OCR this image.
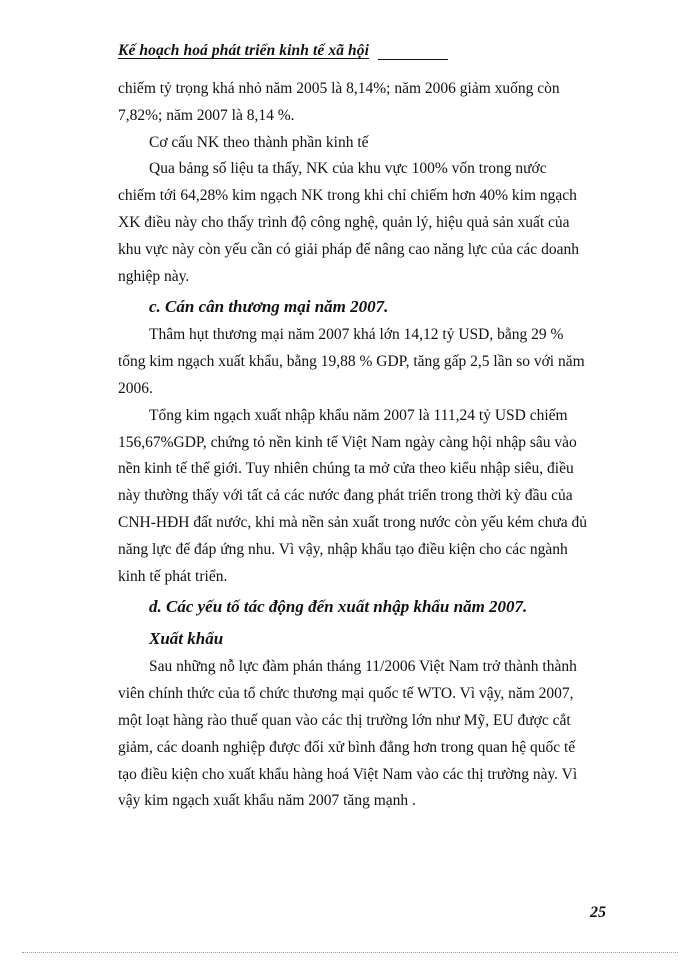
Kế hoạch hoá phát triển kinh tế xã hội

chiếm tỷ trọng khá nhỏ năm 2005 là 8,14%; năm 2006 giảm xuống còn
7,82%; năm 2007 là 8,14 %.

Cơ cấu NK theo thành phần kinh tế

Qua bảng số liệu ta thấy, NK của khu vực 100% vốn trong nước
chiếm tới 64,28% kim ngạch NK trong khi chỉ chiếm hơn 40% kim ngạch
XK điều này cho thấy trình độ công nghệ, quản lý, hiệu quả sản xuất của
khu vực này còn yếu cần có giải pháp để nâng cao năng lực của các doanh
nghiệp này.

c. Cán cân thương mại năm 2007.

Thâm hụt thương mại năm 2007 khá lớn 14,12 tỷ USD, bằng 29 %
tổng kim ngạch xuất khẩu, bằng 19,88 % GDP, tăng gấp 2,5 lần so với năm
2006.

Tổng kim ngạch xuất nhập khẩu năm 2007 là 111,24 tỷ USD chiếm
156,67%GDP, chứng tỏ nền kinh tế Việt Nam ngày càng hội nhập sâu vào
nền kinh tế thế giới. Tuy nhiên chúng ta mở cửa theo kiểu nhập siêu, điều
này thường thấy với tất cả các nước đang phát triển trong thời kỳ đầu của
CNH-HĐH đất nước, khi mà nền sản xuất trong nước còn yếu kém chưa đủ
năng lực để đáp ứng nhu. Vì vậy, nhập khẩu tạo điều kiện cho các ngành
kinh tế phát triển.

d. Các yếu tố tác động đến xuất nhập khẩu năm 2007.

Xuất khẩu

Sau những nỗ lực đàm phán tháng 11/2006 Việt Nam trở thành thành
viên chính thức của tổ chức thương mại quốc tế WTO. Vì vậy, năm 2007,
một loạt hàng rào thuế quan vào các thị trường lớn như Mỹ, EU được cắt
giảm, các doanh nghiệp được đối xử bình đẳng hơn trong quan hệ quốc tế
tạo điều kiện cho xuất khẩu hàng hoá Việt Nam vào các thị trường này. Vì
vậy kim ngạch xuất khẩu năm 2007 tăng mạnh .

25
